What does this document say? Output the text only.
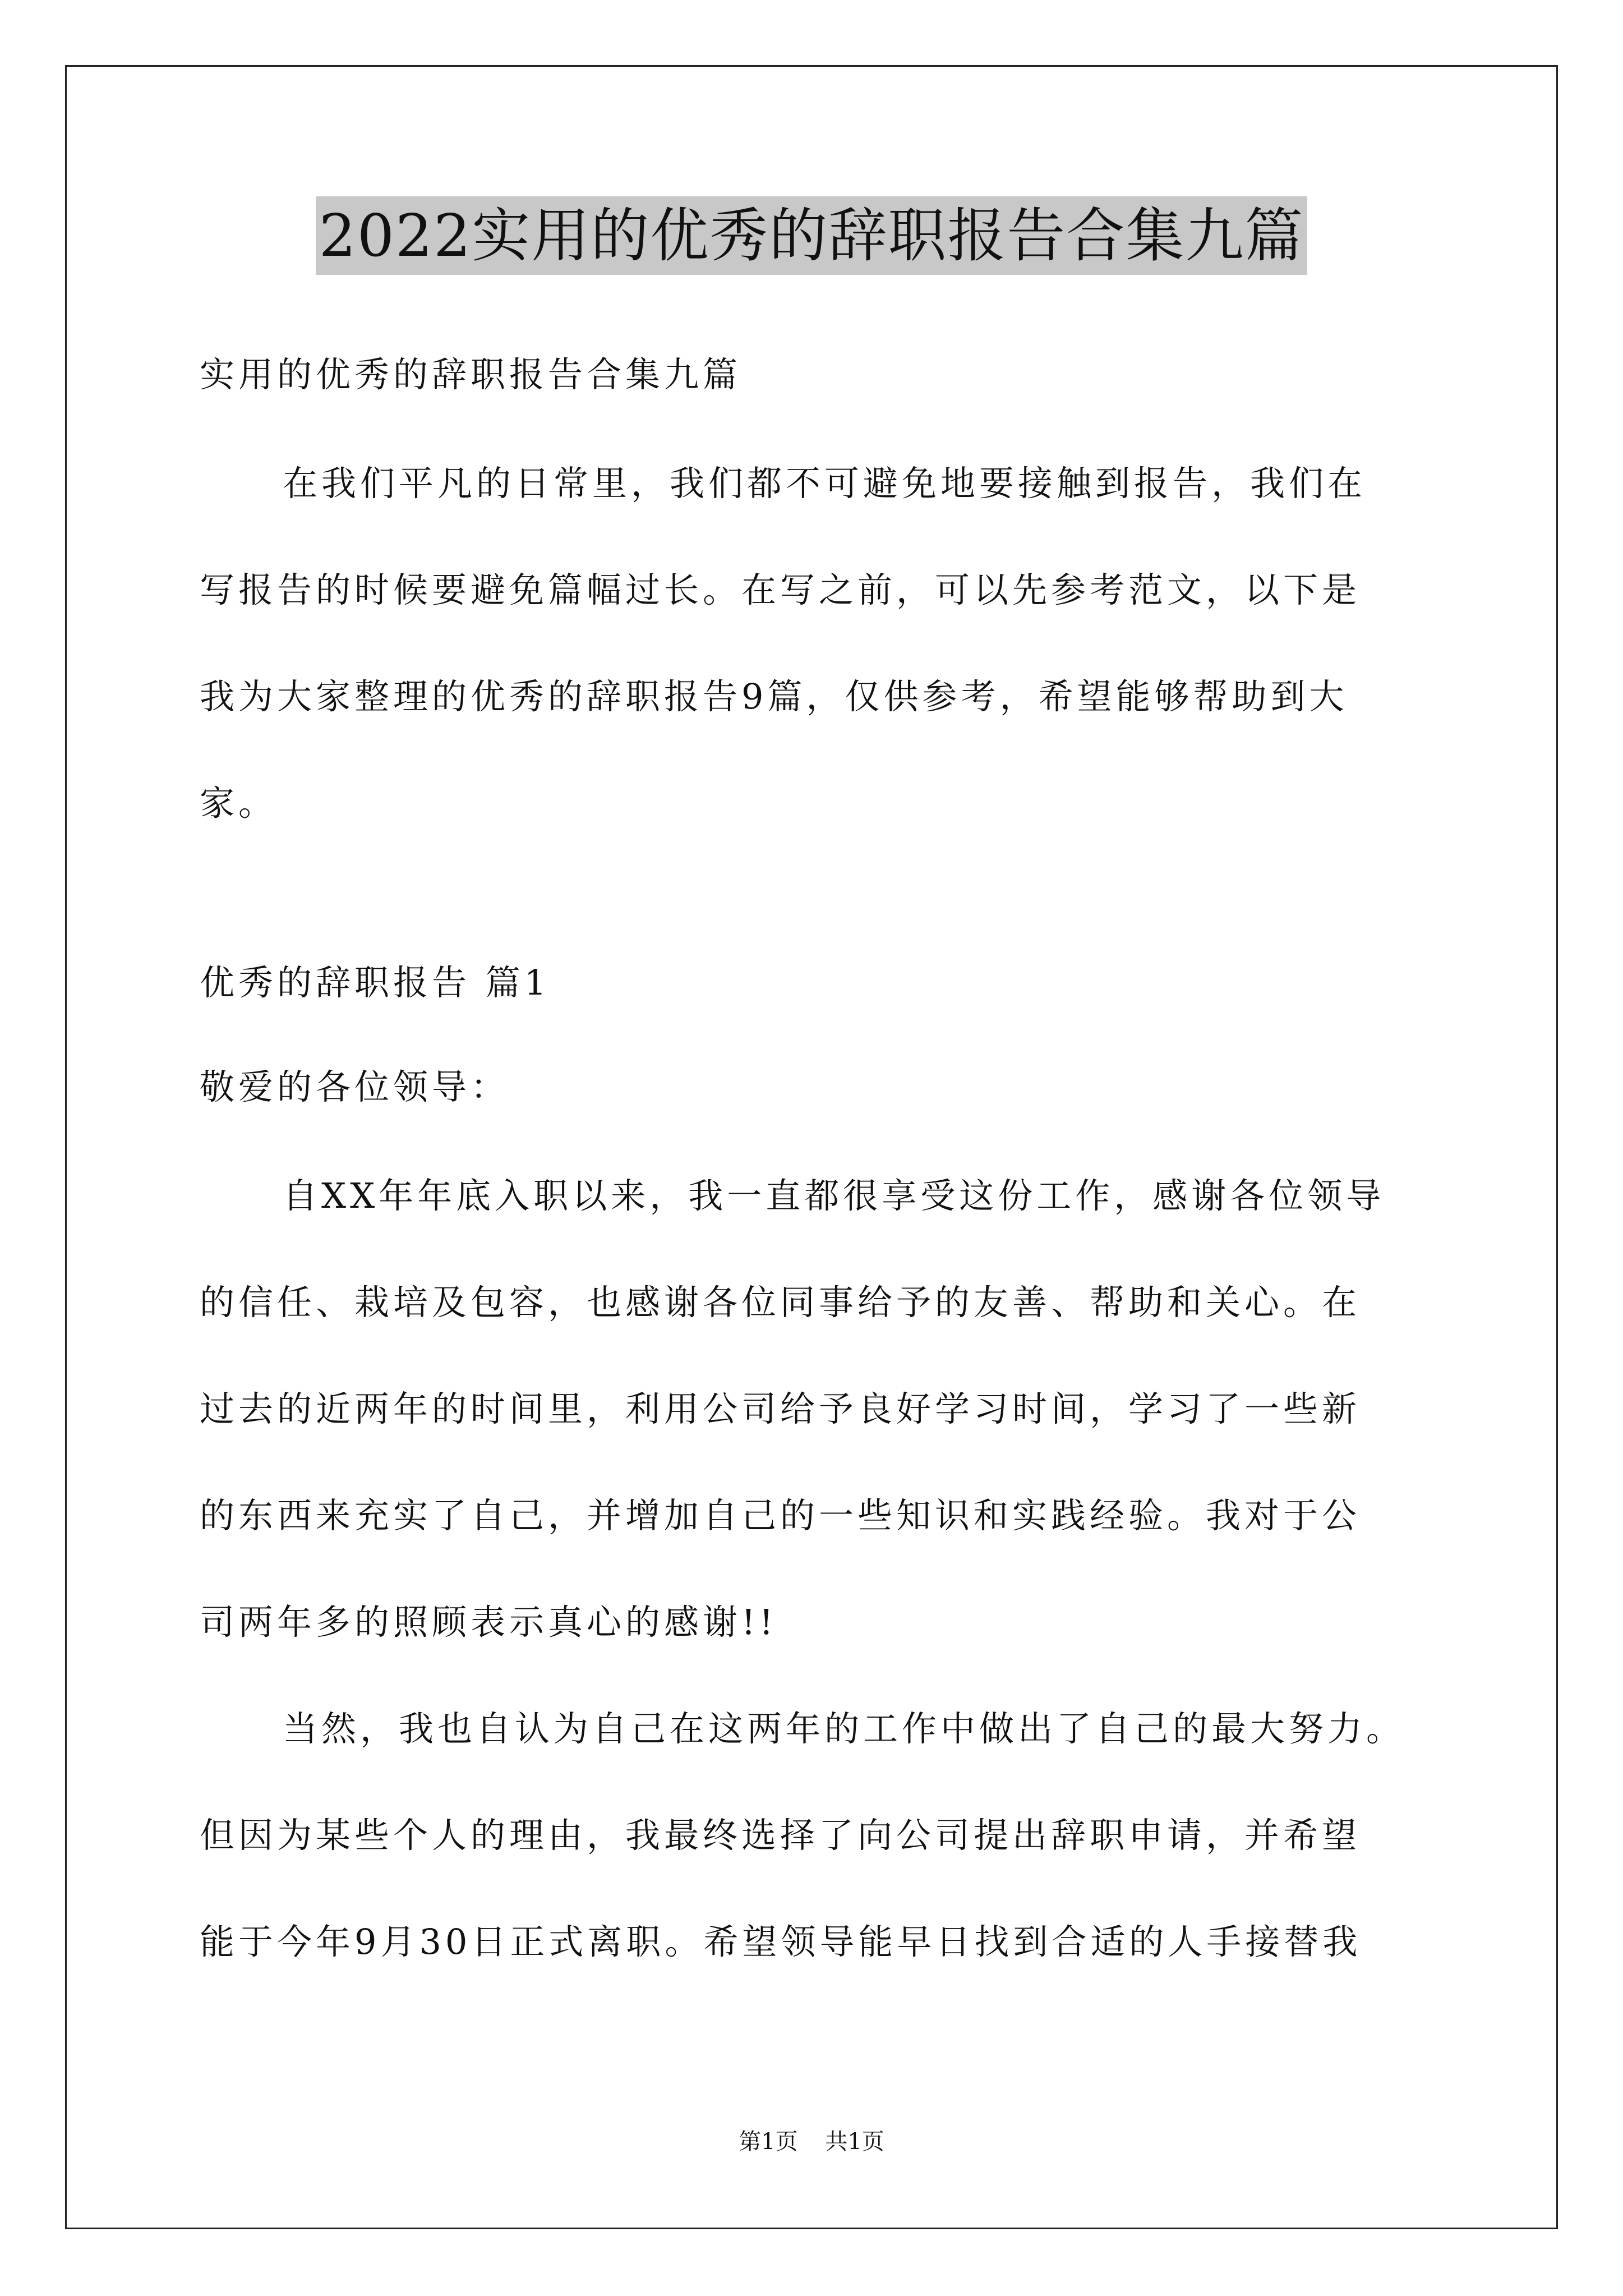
2022实用的优秀的辞职报告合集九篇
实用的优秀的辞职报告合集九篇
在我们平凡的日常里，我们都不可避免地要接触到报告，我们在
写报告的时候要避免篇幅过长。在写之前，可以先参考范文，以下是
我为大家整理的优秀的辞职报告9篇，仅供参考，希望能够帮助到大
家。
优秀的辞职报告 篇1
敬爱的各位领导：
自XX年年底入职以来，我一直都很享受这份工作，感谢各位领导
的信任、栽培及包容，也感谢各位同事给予的友善、帮助和关心。在
过去的近两年的时间里，利用公司给予良好学习时间，学习了一些新
的东西来充实了自己，并增加自己的一些知识和实践经验。我对于公
司两年多的照顾表示真心的感谢!!
当然，我也自认为自己在这两年的工作中做出了自己的最大努力。
但因为某些个人的理由，我最终选择了向公司提出辞职申请，并希望
能于今年9月30日正式离职。希望领导能早日找到合适的人手接替我
第1页 共1页
